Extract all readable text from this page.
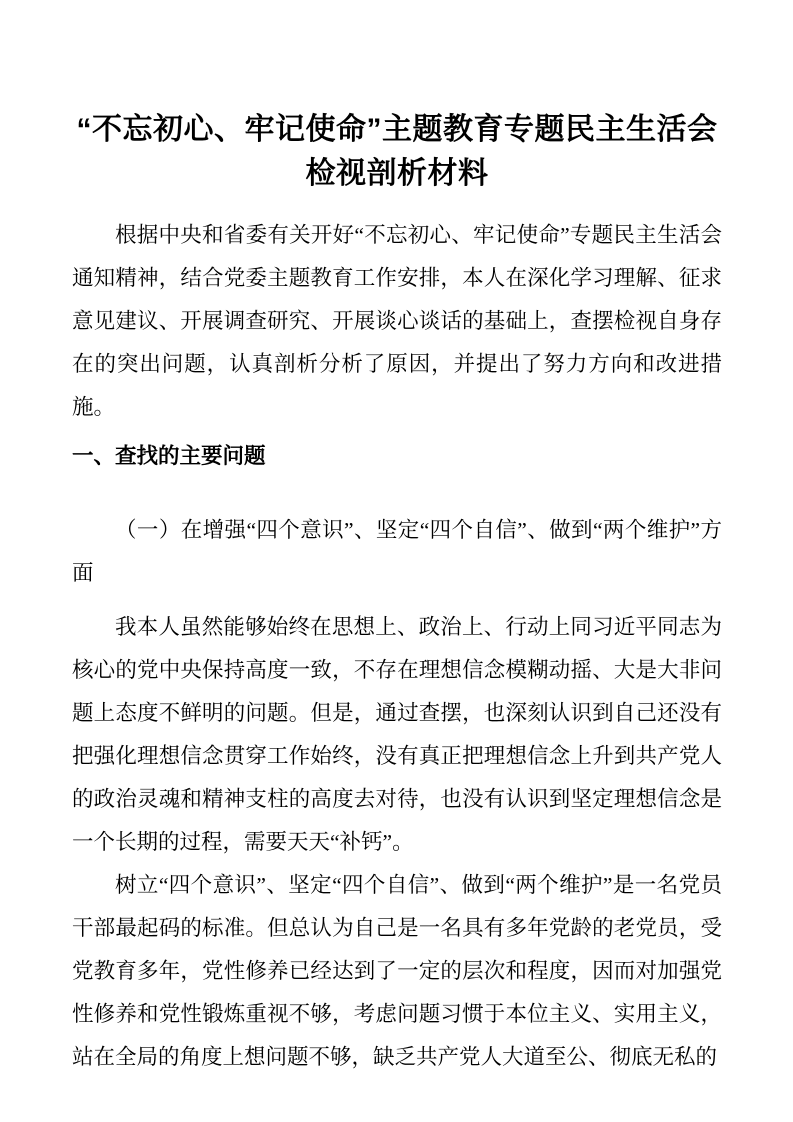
“不忘初心、牢记使命”主题教育专题民主生活会检视剖析材料

根据中央和省委有关开好“不忘初心、牢记使命”专题民主生活会通知精神，结合党委主题教育工作安排，本人在深化学习理解、征求意见建议、开展调查研究、开展谈心谈话的基础上，查摆检视自身存在的突出问题，认真剖析分析了原因，并提出了努力方向和改进措施。

一、查找的主要问题
（一）在增强“四个意识”、坚定“四个自信”、做到“两个维护”方面

我本人虽然能够始终在思想上、政治上、行动上同习近平同志为核心的党中央保持高度一致，不存在理想信念模糊动摇、大是大非问题上态度不鲜明的问题。但是，通过查摆，也深刻认识到自己还没有把强化理想信念贯穿工作始终，没有真正把理想信念上升到共产党人的政治灵魂和精神支柱的高度去对待，也没有认识到坚定理想信念是一个长期的过程，需要天天“补钙”。

树立“四个意识”、坚定“四个自信”、做到“两个维护”是一名党员干部最起码的标准。但总认为自己是一名具有多年党龄的老党员，受党教育多年，党性修养已经达到了一定的层次和程度，因而对加强党性修养和党性锻炼重视不够，考虑问题习惯于本位主义、实用主义，站在全局的角度上想问题不够，缺乏共产党人大道至公、彻底无私的
